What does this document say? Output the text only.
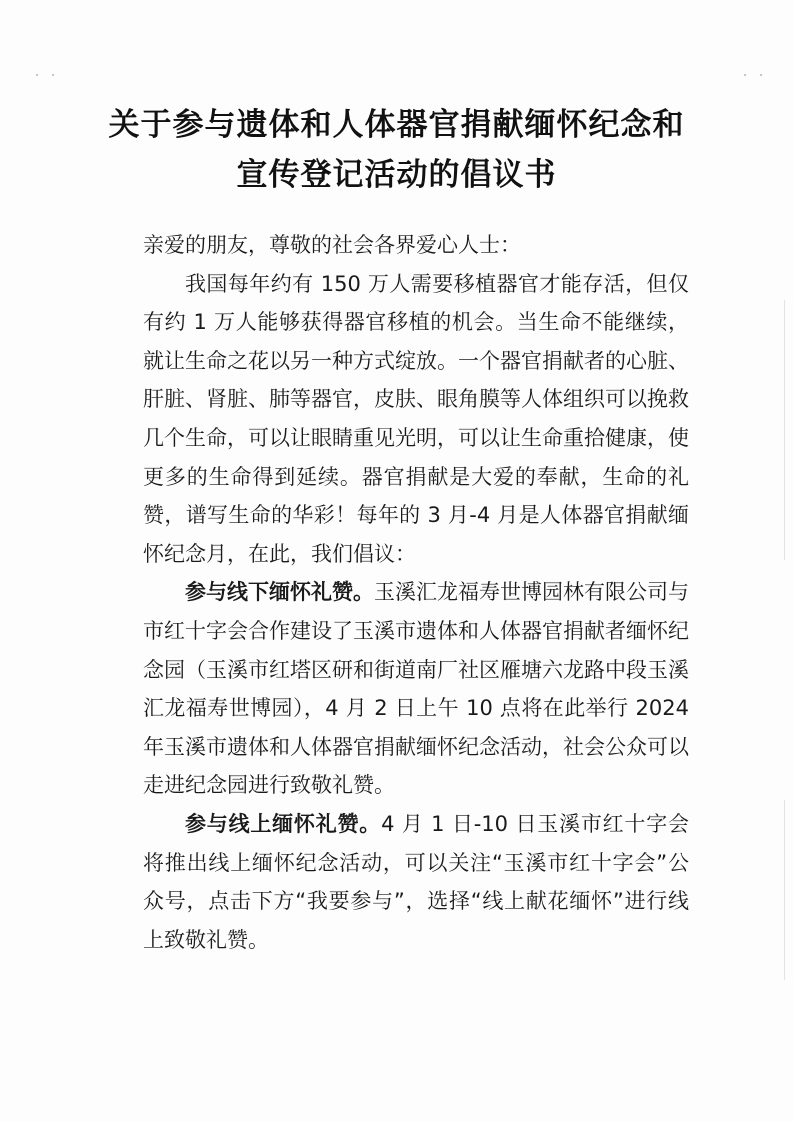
关于参与遗体和人体器官捐献缅怀纪念和
宣传登记活动的倡议书

亲爱的朋友，尊敬的社会各界爱心人士：

我国每年约有 150 万人需要移植器官才能存活，但仅有约 1 万人能够获得器官移植的机会。当生命不能继续，就让生命之花以另一种方式绽放。一个器官捐献者的心脏、肝脏、肾脏、肺等器官，皮肤、眼角膜等人体组织可以挽救几个生命，可以让眼睛重见光明，可以让生命重拾健康，使更多的生命得到延续。器官捐献是大爱的奉献，生命的礼赞，谱写生命的华彩！每年的 3 月-4 月是人体器官捐献缅怀纪念月，在此，我们倡议：

参与线下缅怀礼赞。玉溪汇龙福寿世博园林有限公司与市红十字会合作建设了玉溪市遗体和人体器官捐献者缅怀纪念园（玉溪市红塔区研和街道南厂社区雁塘六龙路中段玉溪汇龙福寿世博园），4 月 2 日上午 10 点将在此举行 2024 年玉溪市遗体和人体器官捐献缅怀纪念活动，社会公众可以走进纪念园进行致敬礼赞。

参与线上缅怀礼赞。4 月 1 日-10 日玉溪市红十字会将推出线上缅怀纪念活动，可以关注“玉溪市红十字会”公众号，点击下方“我要参与”，选择“线上献花缅怀”进行线上致敬礼赞。
